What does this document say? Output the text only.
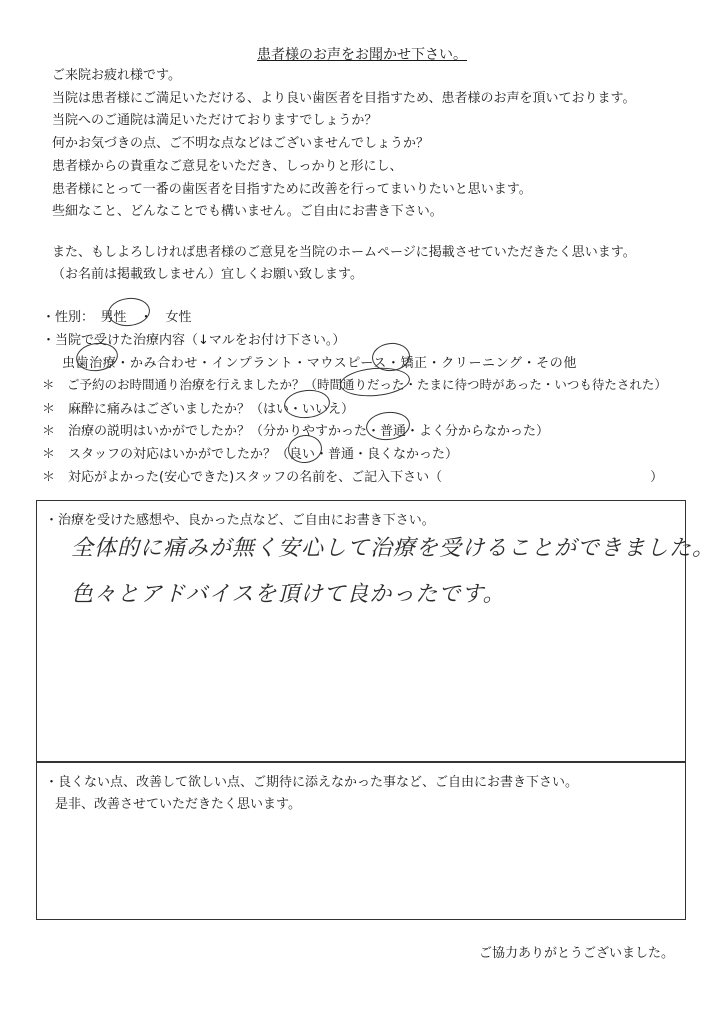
患者様のお声をお聞かせ下さい。
ご来院お疲れ様です。
当院は患者様にご満足いただける、より良い歯医者を目指すため、患者様のお声を頂いております。
当院へのご通院は満足いただけておりますでしょうか？
何かお気づきの点、ご不明な点などはございませんでしょうか？
患者様からの貴重なご意見をいただき、しっかりと形にし、
患者様にとって一番の歯医者を目指すために改善を行ってまいりたいと思います。
些細なこと、どんなことでも構いません。ご自由にお書き下さい。
また、もしよろしければ患者様のご意見を当院のホームページに掲載させていただきたく思います。
（お名前は掲載致しません）宜しくお願い致します。
・性別：　男性　・　女性
・当院で受けた治療内容（↓マルをお付け下さい。）
虫歯治療・かみ合わせ・インプラント・マウスピース・矯正・クリーニング・その他
＊　ご予約のお時間通り治療を行えましたか？（時間通りだった・たまに待つ時があった・いつも待たされた）
＊　麻酔に痛みはございましたか？（はい・いいえ）
＊　治療の説明はいかがでしたか？（分かりやすかった・普通・よく分からなかった）
＊　スタッフの対応はいかがでしたか？（良い・普通・良くなかった）
＊　対応がよかった(安心できた)スタッフの名前を、ご記入下さい（　　　　　　　　　　　　　　　　）
・治療を受けた感想や、良かった点など、ご自由にお書き下さい。
全体的に痛みが無く安心して治療を受けることができました。
色々とアドバイスを頂けて良かったです。
・良くない点、改善して欲しい点、ご期待に添えなかった事など、ご自由にお書き下さい。
是非、改善させていただきたく思います。
ご協力ありがとうございました。
